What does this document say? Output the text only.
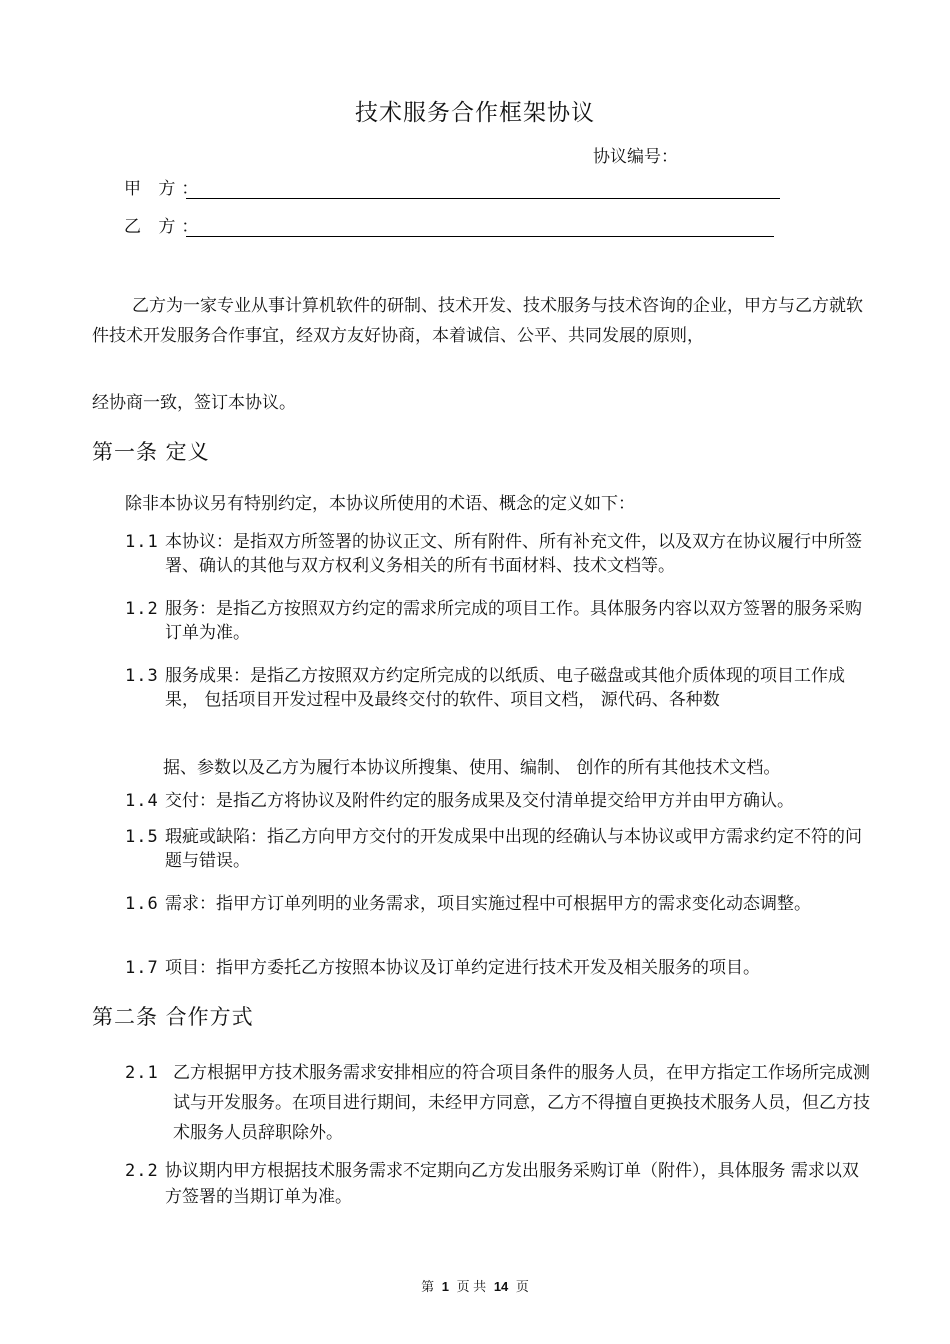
技术服务合作框架协议
协议编号：
甲 方：
乙 方：
乙方为一家专业从事计算机软件的研制、技术开发、技术服务与技术咨询的企业，甲方与乙方就软件技术开发服务合作事宜，经双方友好协商，本着诚信、公平、共同发展的原则，
经协商一致，签订本协议。
第一条 定义
除非本协议另有特别约定，本协议所使用的术语、概念的定义如下：
1.1 本协议：是指双方所签署的协议正文、所有附件、所有补充文件，以及双方在协议履行中所签署、确认的其他与双方权利义务相关的所有书面材料、技术文档等。
1.2 服务：是指乙方按照双方约定的需求所完成的项目工作。具体服务内容以双方签署的服务采购订单为准。
1.3 服务成果：是指乙方按照双方约定所完成的以纸质、电子磁盘或其他介质体现的项目工作成果， 包括项目开发过程中及最终交付的软件、项目文档， 源代码、各种数
据、参数以及乙方为履行本协议所搜集、使用、编制、 创作的所有其他技术文档。
1.4 交付：是指乙方将协议及附件约定的服务成果及交付清单提交给甲方并由甲方确认。
1.5 瑕疵或缺陷：指乙方向甲方交付的开发成果中出现的经确认与本协议或甲方需求约定不符的问题与错误。
1.6 需求：指甲方订单列明的业务需求，项目实施过程中可根据甲方的需求变化动态调整。
1.7 项目：指甲方委托乙方按照本协议及订单约定进行技术开发及相关服务的项目。
第二条 合作方式
2.1 乙方根据甲方技术服务需求安排相应的符合项目条件的服务人员，在甲方指定工作场所完成测试与开发服务。在项目进行期间，未经甲方同意，乙方不得擅自更换技术服务人员，但乙方技术服务人员辞职除外。
2.2 协议期内甲方根据技术服务需求不定期向乙方发出服务采购订单（附件），具体服务 需求以双方签署的当期订单为准。
第 1 页 共 14 页
